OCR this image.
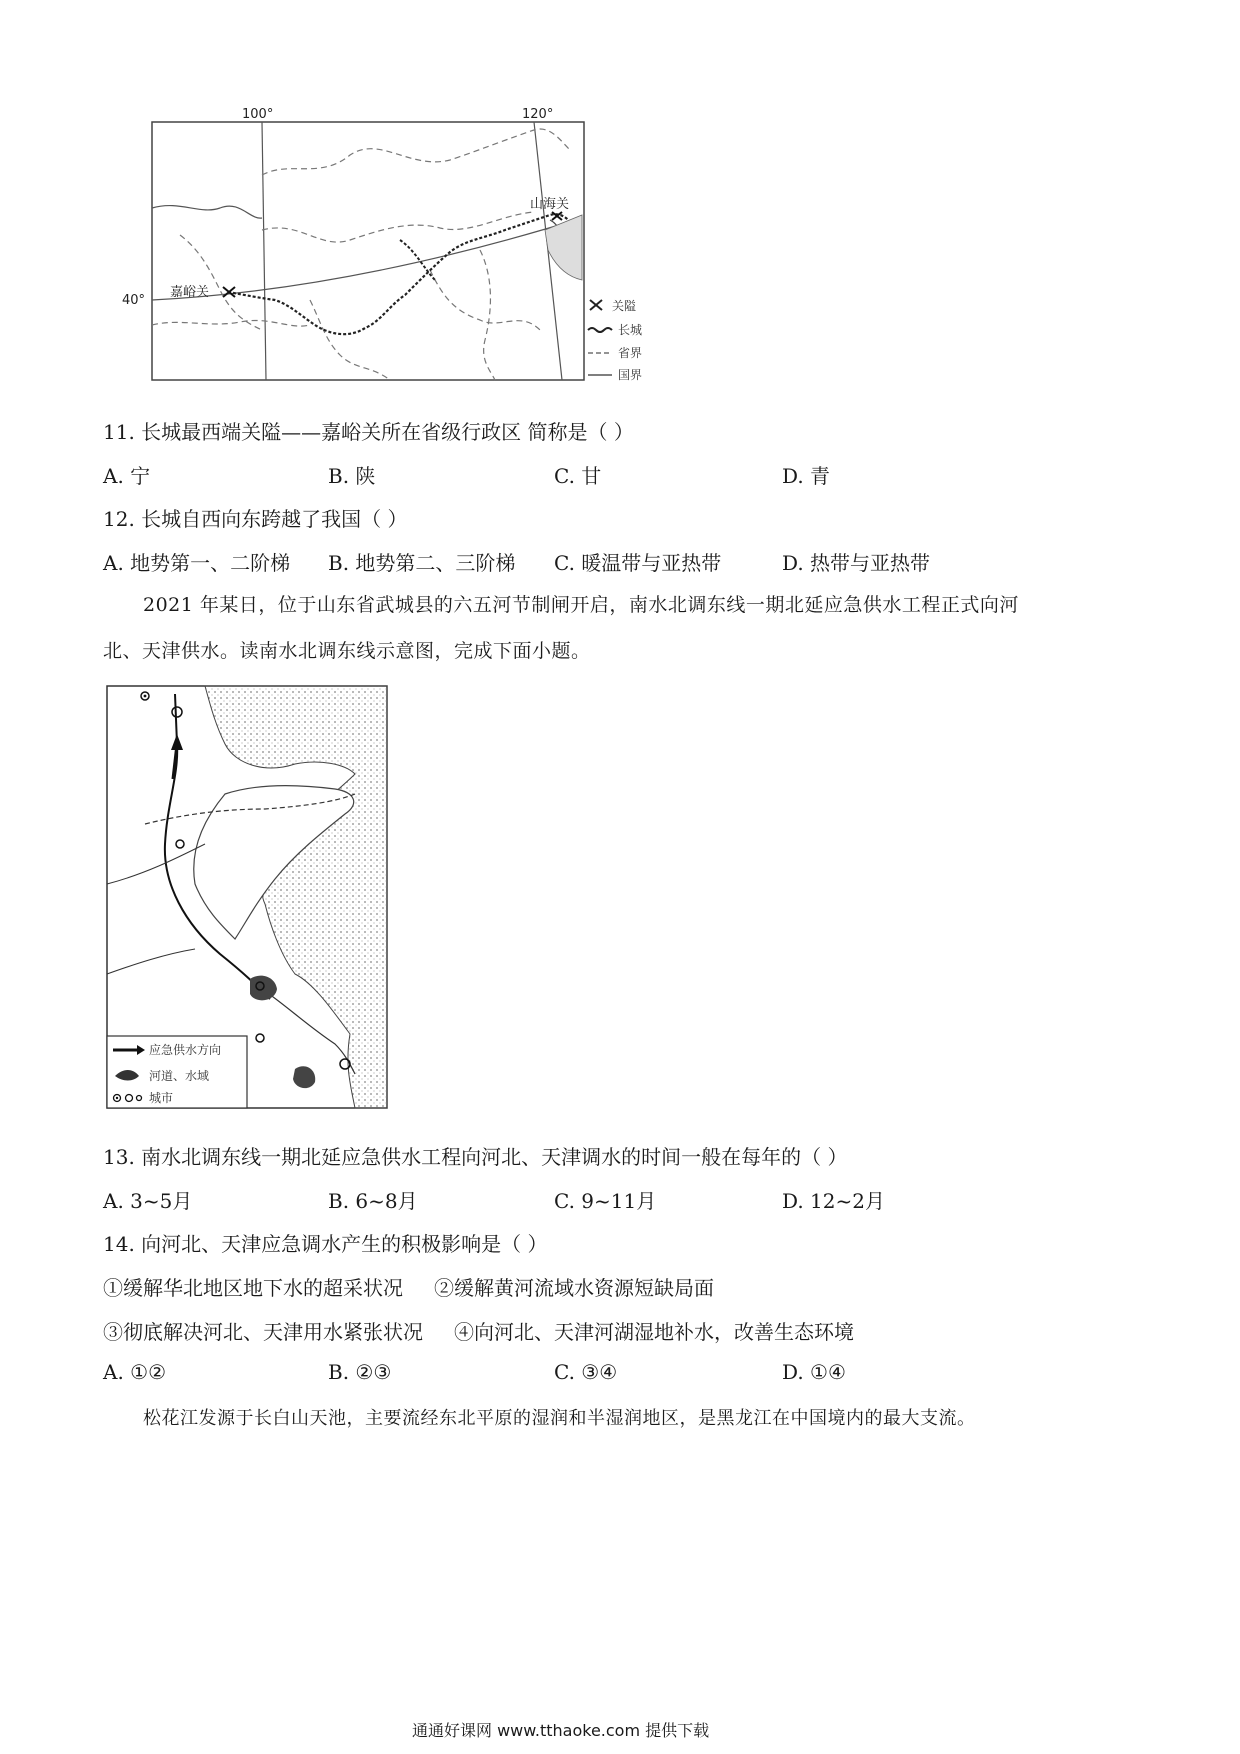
100°	120°
40°
嘉峪关
山海关
关隘
长城
省界
国界
11. 长城最西端关隘——嘉峪关所在省级行政区 简称是（ ）
A. 宁	B. 陕	C. 甘	D. 青
12. 长城自西向东跨越了我国（ ）
A. 地势第一、二阶梯 B. 地势第二、三阶梯 C. 暖温带与亚热带	D. 热带与亚热带
2021 年某日，位于山东省武城县的六五河节制闸开启，南水北调东线一期北延应急供水工程正式向河
北、天津供水。读南水北调东线示意图，完成下面小题。
应急供水方向
河道、水域
城市
13. 南水北调东线一期北延应急供水工程向河北、天津调水的时间一般在每年的（ ）
A. 3~5月	B. 6~8月	C. 9~11月	D. 12~2月
14. 向河北、天津应急调水产生的积极影响是（ ）
①缓解华北地区地下水的超采状况 ②缓解黄河流域水资源短缺局面
③彻底解决河北、天津用水紧张状况 ④向河北、天津河湖湿地补水，改善生态环境
A. ①②	B. ②③	C. ③④	D. ①④
松花江发源于长白山天池，主要流经东北平原的湿润和半湿润地区，是黑龙江在中国境内的最大支流。
通通好课网 www.tthaoke.com 提供下载
